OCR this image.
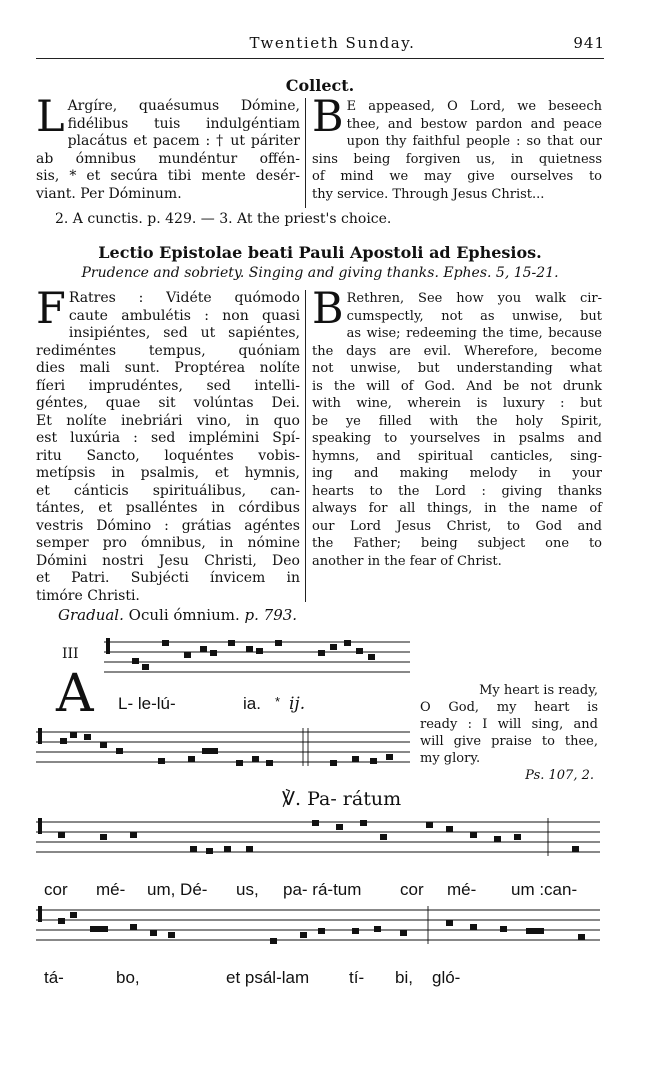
Twentieth Sunday.	941
Collect.
L Argíre, quaésumus Dómine,
fidélibus tuis indulgéntiam
placátus et pacem : † ut páriter
ab ómnibus mundéntur offén-
sis, * et secúra tibi mente desér-
viant. Per Dóminum.
B E appeased, O Lord, we beseech
thee, and bestow pardon and peace
upon thy faithful people : so that our
sins being forgiven us, in quietness
of mind we may give ourselves to
thy service. Through Jesus Christ...
2. A cunctis. p. 429. — 3. At the priest's choice.
Lectio Epistolae beati Pauli Apostoli ad Ephesios.
Prudence and sobriety. Singing and giving thanks. Ephes. 5, 15-21.
F Ratres : Vidéte quómodo
caute ambulétis : non quasi
insipiéntes, sed ut sapiéntes,
rediméntes tempus, quóniam
dies mali sunt. Proptérea nolíte
fíeri imprudéntes, sed intelli-
géntes, quae sit volúntas Dei.
Et nolíte inebriári vino, in quo
est luxúria : sed implémini Spí-
ritu Sancto, loquéntes vobis-
metípsis in psalmis, et hymnis,
et cánticis spirituálibus, can-
tántes, et psalléntes in córdibus
vestris Dómino : grátias agéntes
semper pro ómnibus, in nómine
Dómini nostri Jesu Christi, Deo
et Patri. Subjécti ínvicem in
timóre Christi.
B Rethren, See how you walk cir-
cumspectly, not as unwise, but
as wise; redeeming the time, because
the days are evil. Wherefore, become
not unwise, but understanding what
is the will of God. And be not drunk
with wine, wherein is luxury : but
be ye filled with the holy Spirit,
speaking to yourselves in psalms and
hymns, and spiritual canticles, sing-
ing and making melody in your
hearts to the Lord : giving thanks
always for all things, in the name of
our Lord Jesus Christ, to God and
the Father; being subject one to
another in the fear of Christ.
Gradual. Oculi ómnium. p. 793.
III
A L- le-lú-	ia. * ij.
℣. Pa- rátum
cor mé- um, Dé- us, pa- rá-tum cor mé- um :can-
tá-	bo,	et psál-lam tí- bi, gló-
My heart is ready,
O God, my heart is
ready : I will sing, and
will give praise to thee,
my glory.
Ps. 107, 2.
